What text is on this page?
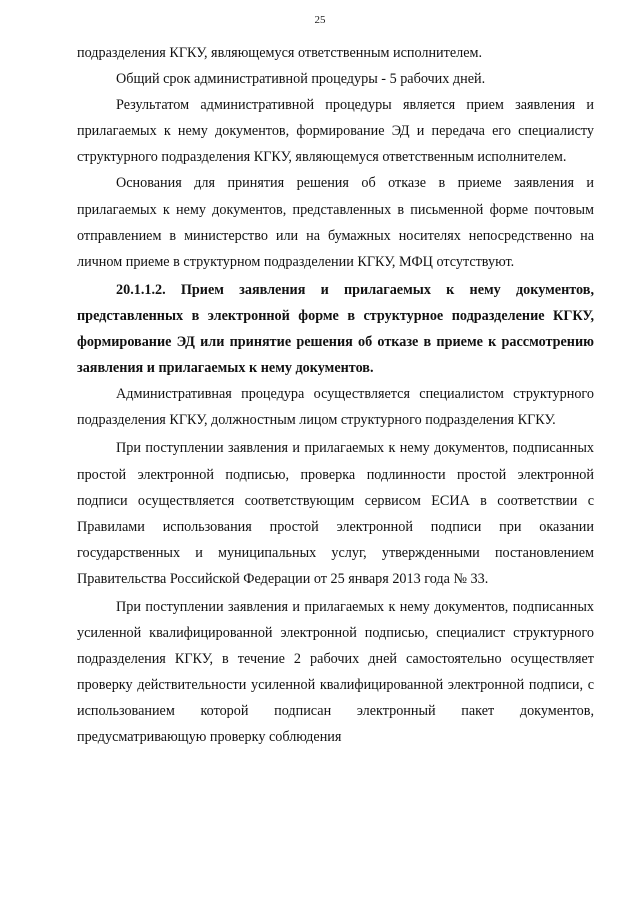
25

подразделения КГКУ, являющемуся ответственным исполнителем.

Общий срок административной процедуры - 5 рабочих дней.

Результатом административной процедуры является прием заявления и прилагаемых к нему документов, формирование ЭД и передача его специалисту структурного подразделения КГКУ, являющемуся ответственным исполнителем.

Основания для принятия решения об отказе в приеме заявления и прилагаемых к нему документов, представленных в письменной форме почтовым отправлением в министерство или на бумажных носителях непосредственно на личном приеме в структурном подразделении КГКУ, МФЦ отсутствуют.

20.1.1.2. Прием заявления и прилагаемых к нему документов, представленных в электронной форме в структурное подразделение КГКУ, формирование ЭД или принятие решения об отказе в приеме к рассмотрению заявления и прилагаемых к нему документов.

Административная процедура осуществляется специалистом структурного подразделения КГКУ, должностным лицом структурного подразделения КГКУ.

При поступлении заявления и прилагаемых к нему документов, подписанных простой электронной подписью, проверка подлинности простой электронной подписи осуществляется соответствующим сервисом ЕСИА в соответствии с Правилами использования простой электронной подписи при оказании государственных и муниципальных услуг, утвержденными постановлением Правительства Российской Федерации от 25 января 2013 года № 33.

При поступлении заявления и прилагаемых к нему документов, подписанных усиленной квалифицированной электронной подписью, специалист структурного подразделения КГКУ, в течение 2 рабочих дней самостоятельно осуществляет проверку действительности усиленной квалифицированной электронной подписи, с использованием которой подписан электронный пакет документов, предусматривающую проверку соблюдения
